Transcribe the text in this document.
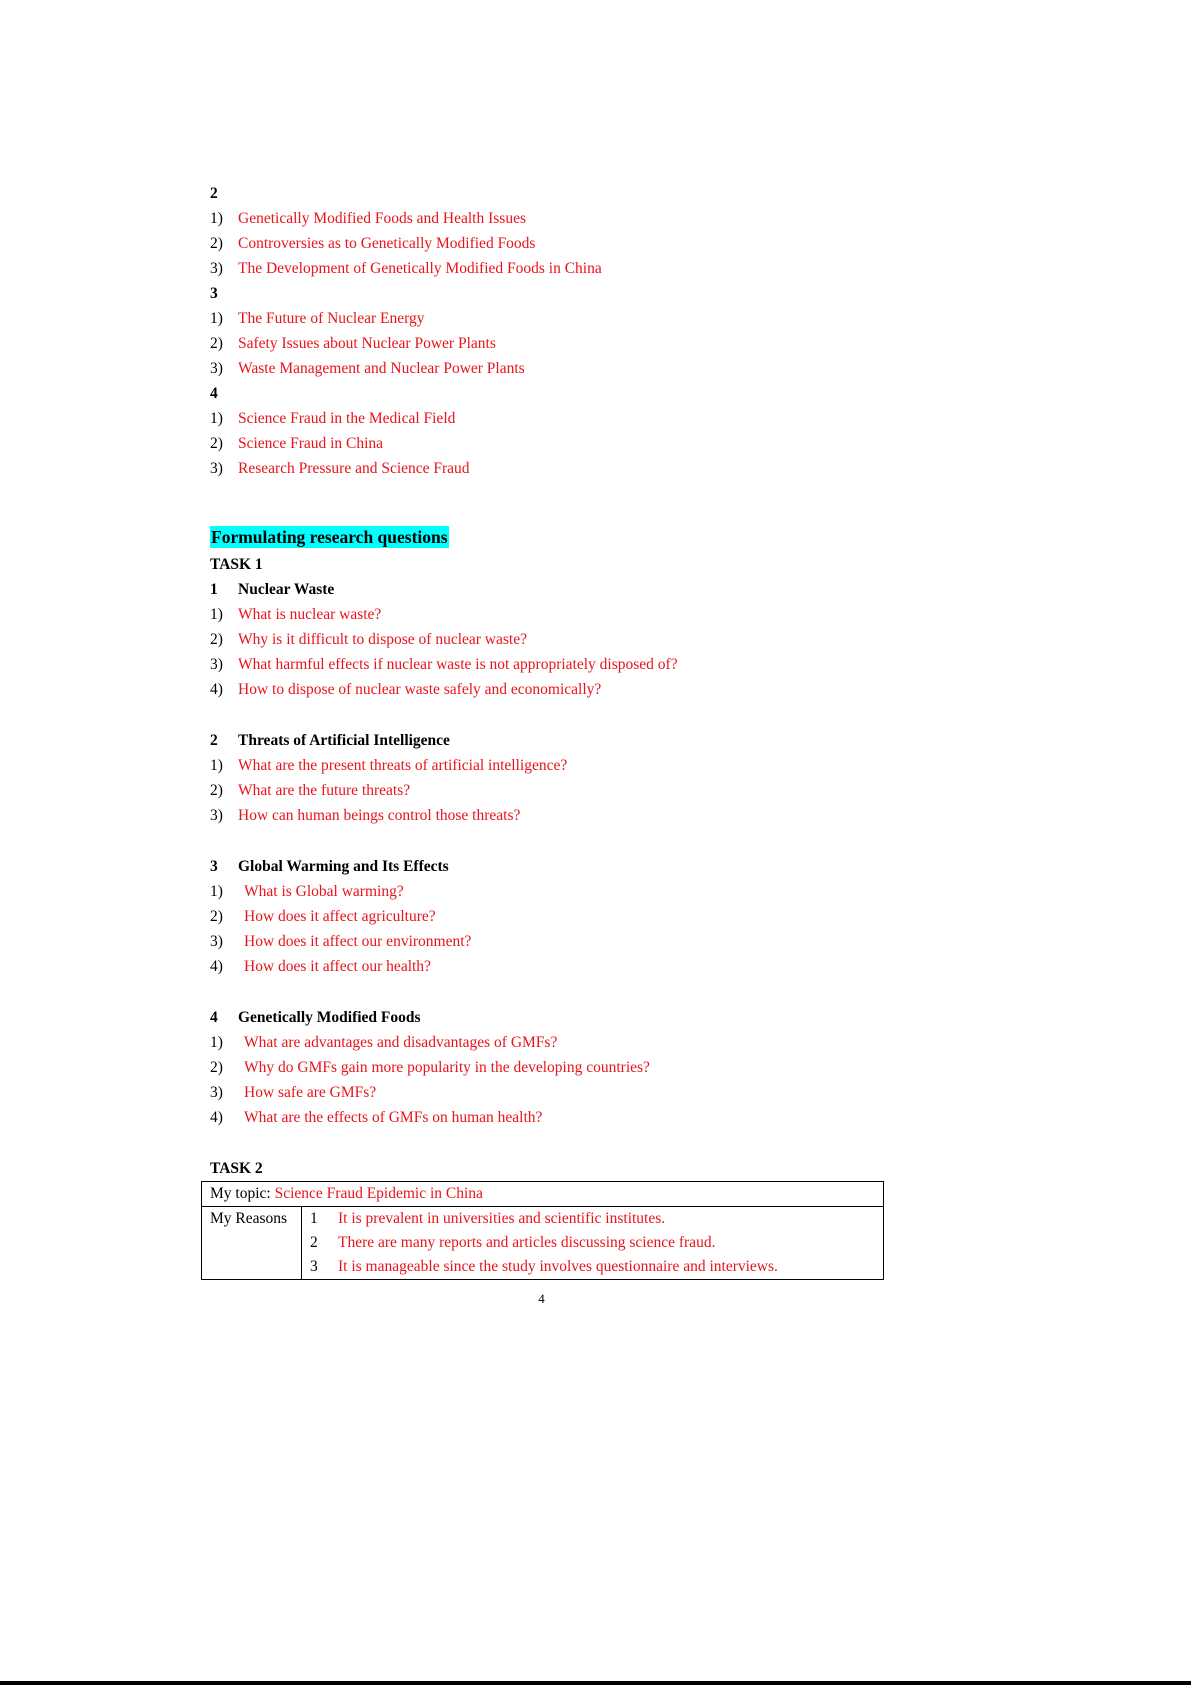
2
1) Genetically Modified Foods and Health Issues
2) Controversies as to Genetically Modified Foods
3) The Development of Genetically Modified Foods in China
3
1) The Future of Nuclear Energy
2) Safety Issues about Nuclear Power Plants
3) Waste Management and Nuclear Power Plants
4
1) Science Fraud in the Medical Field
2) Science Fraud in China
3) Research Pressure and Science Fraud
Formulating research questions
TASK 1
1 Nuclear Waste
1) What is nuclear waste?
2) Why is it difficult to dispose of nuclear waste?
3) What harmful effects if nuclear waste is not appropriately disposed of?
4) How to dispose of nuclear waste safely and economically?
2 Threats of Artificial Intelligence
1) What are the present threats of artificial intelligence?
2) What are the future threats?
3) How can human beings control those threats?
3 Global Warming and Its Effects
1) What is Global warming?
2) How does it affect agriculture?
3) How does it affect our environment?
4) How does it affect our health?
4 Genetically Modified Foods
1) What are advantages and disadvantages of GMFs?
2) Why do GMFs gain more popularity in the developing countries?
3) How safe are GMFs?
4) What are the effects of GMFs on human health?
TASK 2
My topic: Science Fraud Epidemic in China
My Reasons	1 It is prevalent in universities and scientific institutes.
2 There are many reports and articles discussing science fraud.
3 It is manageable since the study involves questionnaire and interviews.
4
